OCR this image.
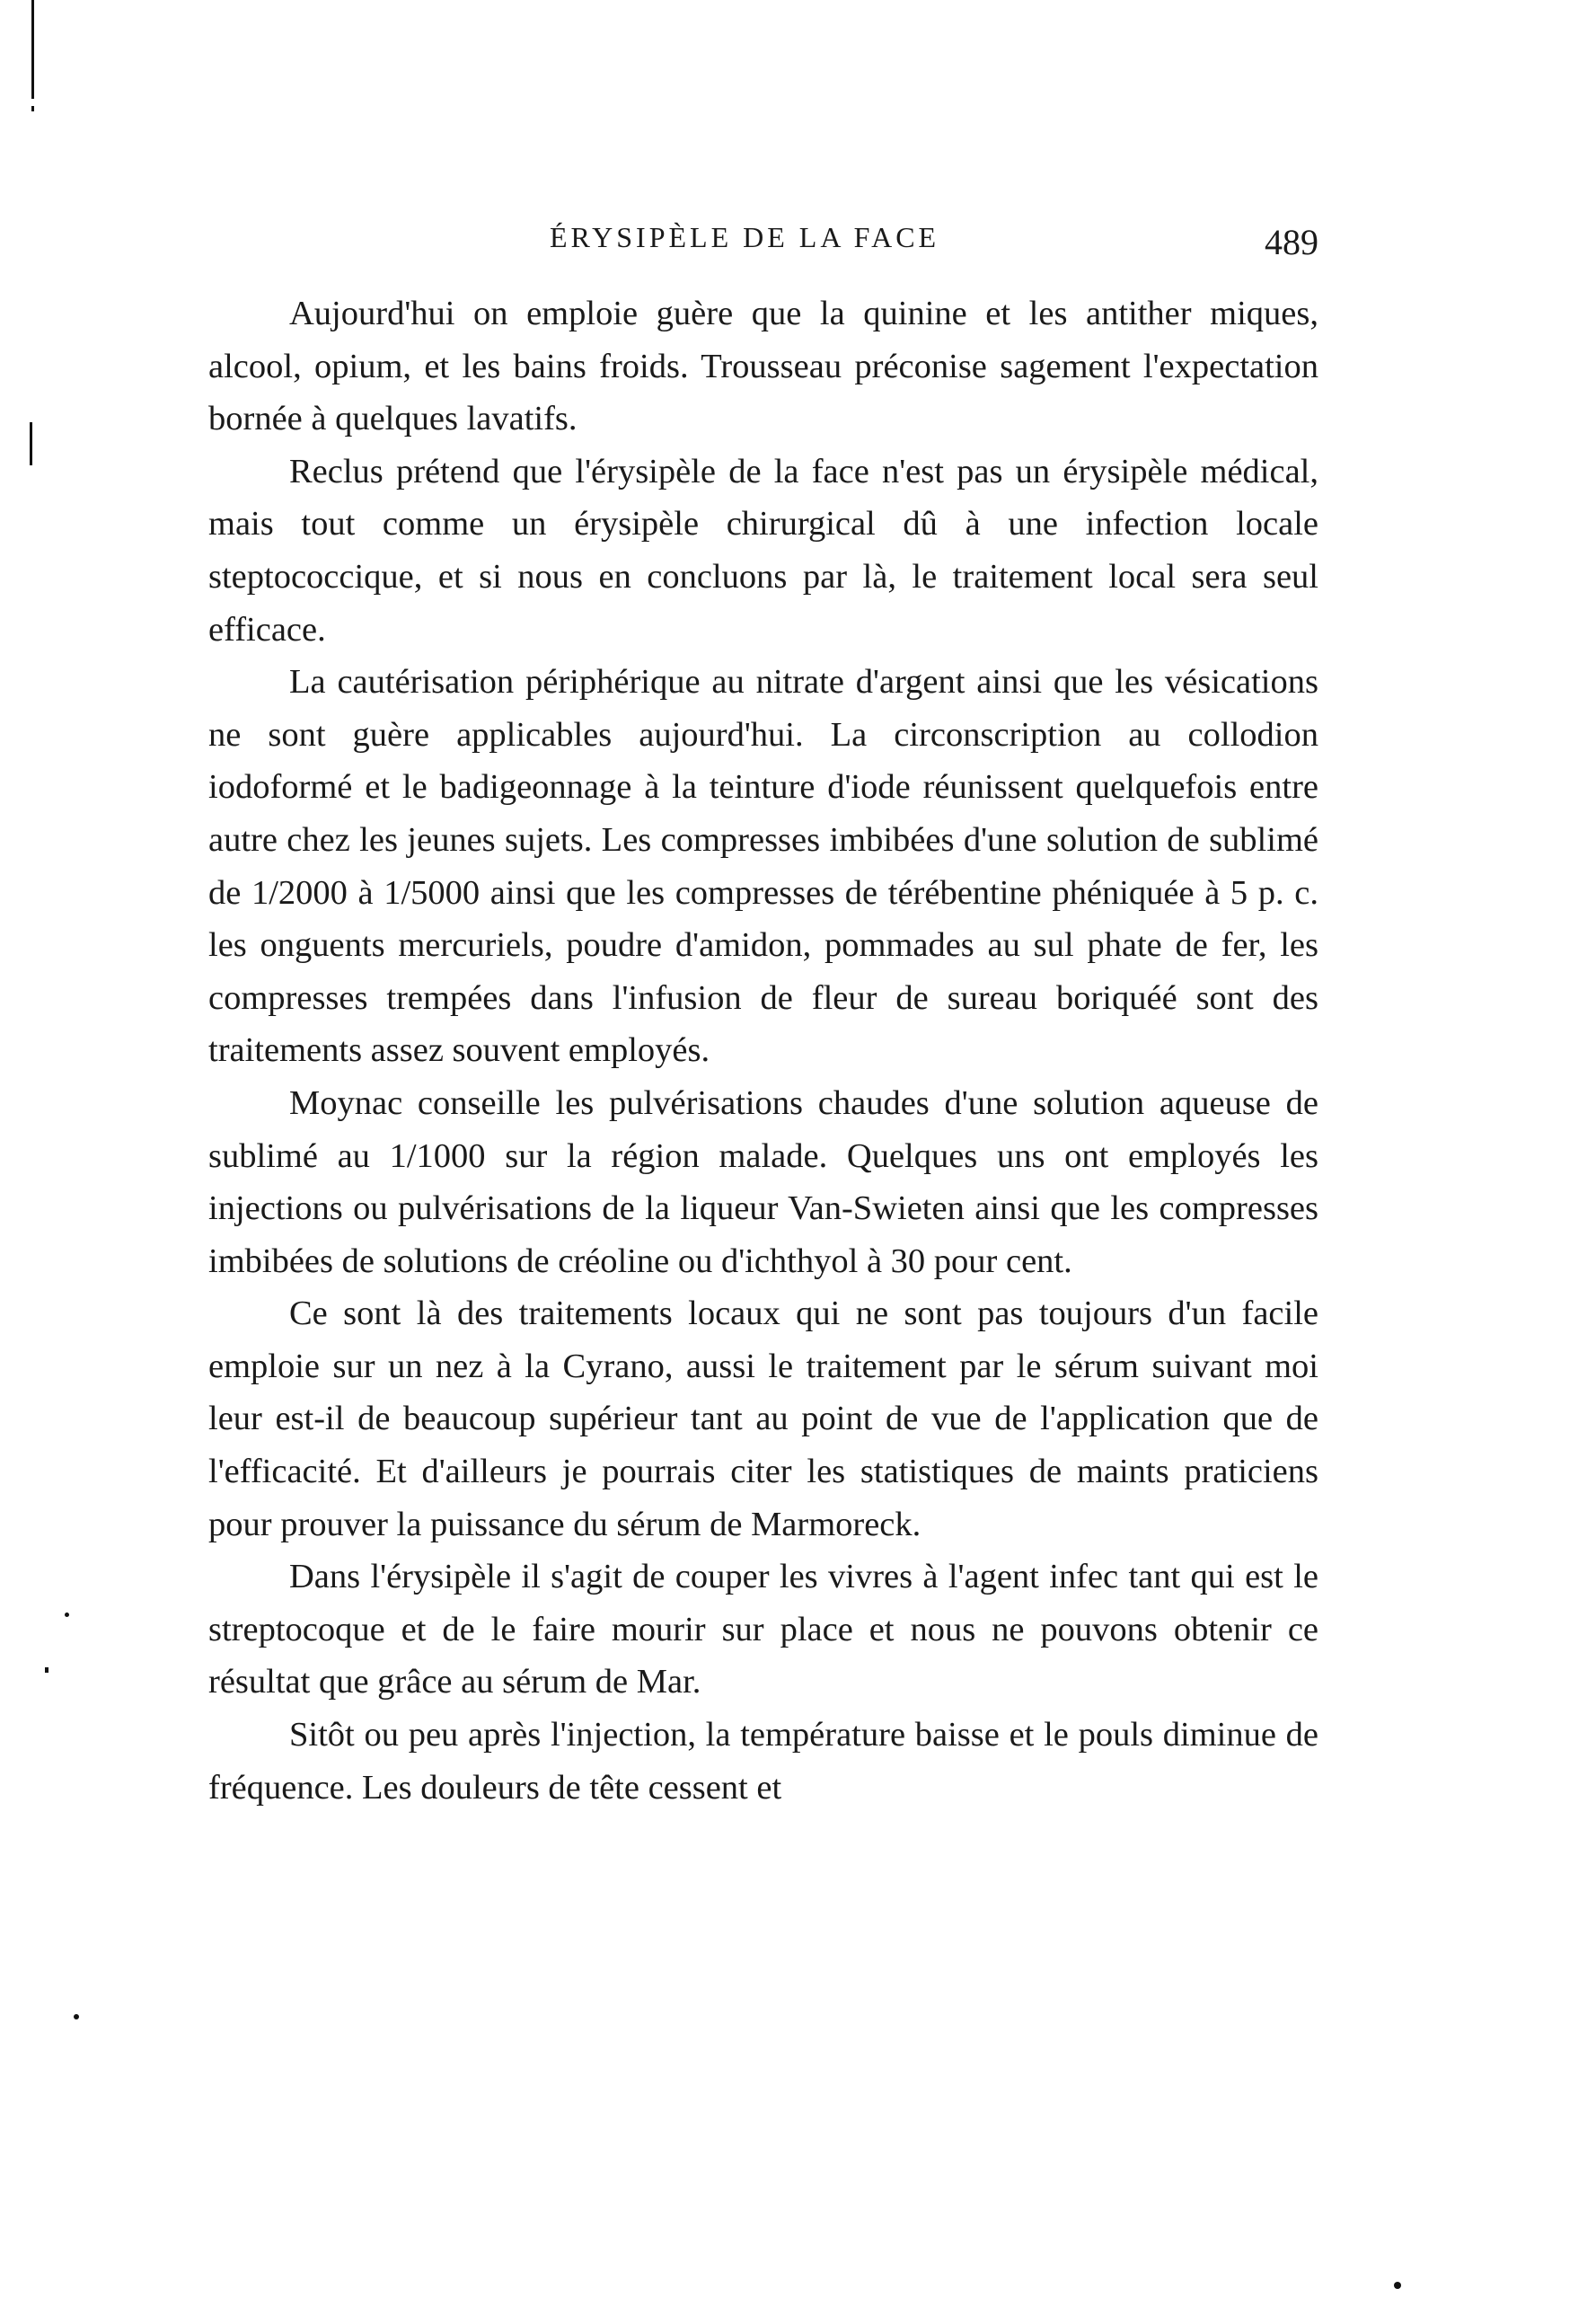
ÉRYSIPÈLE DE LA FACE	489

Aujourd'hui on emploie guère que la quinine et les antither miques, alcool, opium, et les bains froids. Trousseau préconise sagement l'expectation bornée à quelques lavatifs.

Reclus prétend que l'érysipèle de la face n'est pas un érysipèle médical, mais tout comme un érysipèle chirurgical dû à une infection locale steptococcique, et si nous en concluons par là, le traitement local sera seul efficace.

La cautérisation périphérique au nitrate d'argent ainsi que les vésications ne sont guère applicables aujourd'hui. La circonscription au collodion iodoformé et le badigeonnage à la teinture d'iode réunissent quelquefois entre autre chez les jeunes sujets. Les compresses imbibées d'une solution de sublimé de 1/2000 à 1/5000 ainsi que les compresses de térébentine phéniquée à 5 p. c. les onguents mercuriels, poudre d'amidon, pommades au sul phate de fer, les compresses trempées dans l'infusion de fleur de sureau boriquéé sont des traitements assez souvent employés.

Moynac conseille les pulvérisations chaudes d'une solution aqueuse de sublimé au 1/1000 sur la région malade. Quelques uns ont employés les injections ou pulvérisations de la liqueur Van-Swieten ainsi que les compresses imbibées de solutions de créoline ou d'ichthyol à 30 pour cent.

Ce sont là des traitements locaux qui ne sont pas toujours d'un facile emploie sur un nez à la Cyrano, aussi le traitement par le sérum suivant moi leur est-il de beaucoup supérieur tant au point de vue de l'application que de l'efficacité. Et d'ailleurs je pourrais citer les statistiques de maints praticiens pour prouver la puissance du sérum de Marmoreck.

Dans l'érysipèle il s'agit de couper les vivres à l'agent infec tant qui est le streptocoque et de le faire mourir sur place et nous ne pouvons obtenir ce résultat que grâce au sérum de Mar.

Sitôt ou peu après l'injection, la température baisse et le pouls diminue de fréquence. Les douleurs de tête cessent et
